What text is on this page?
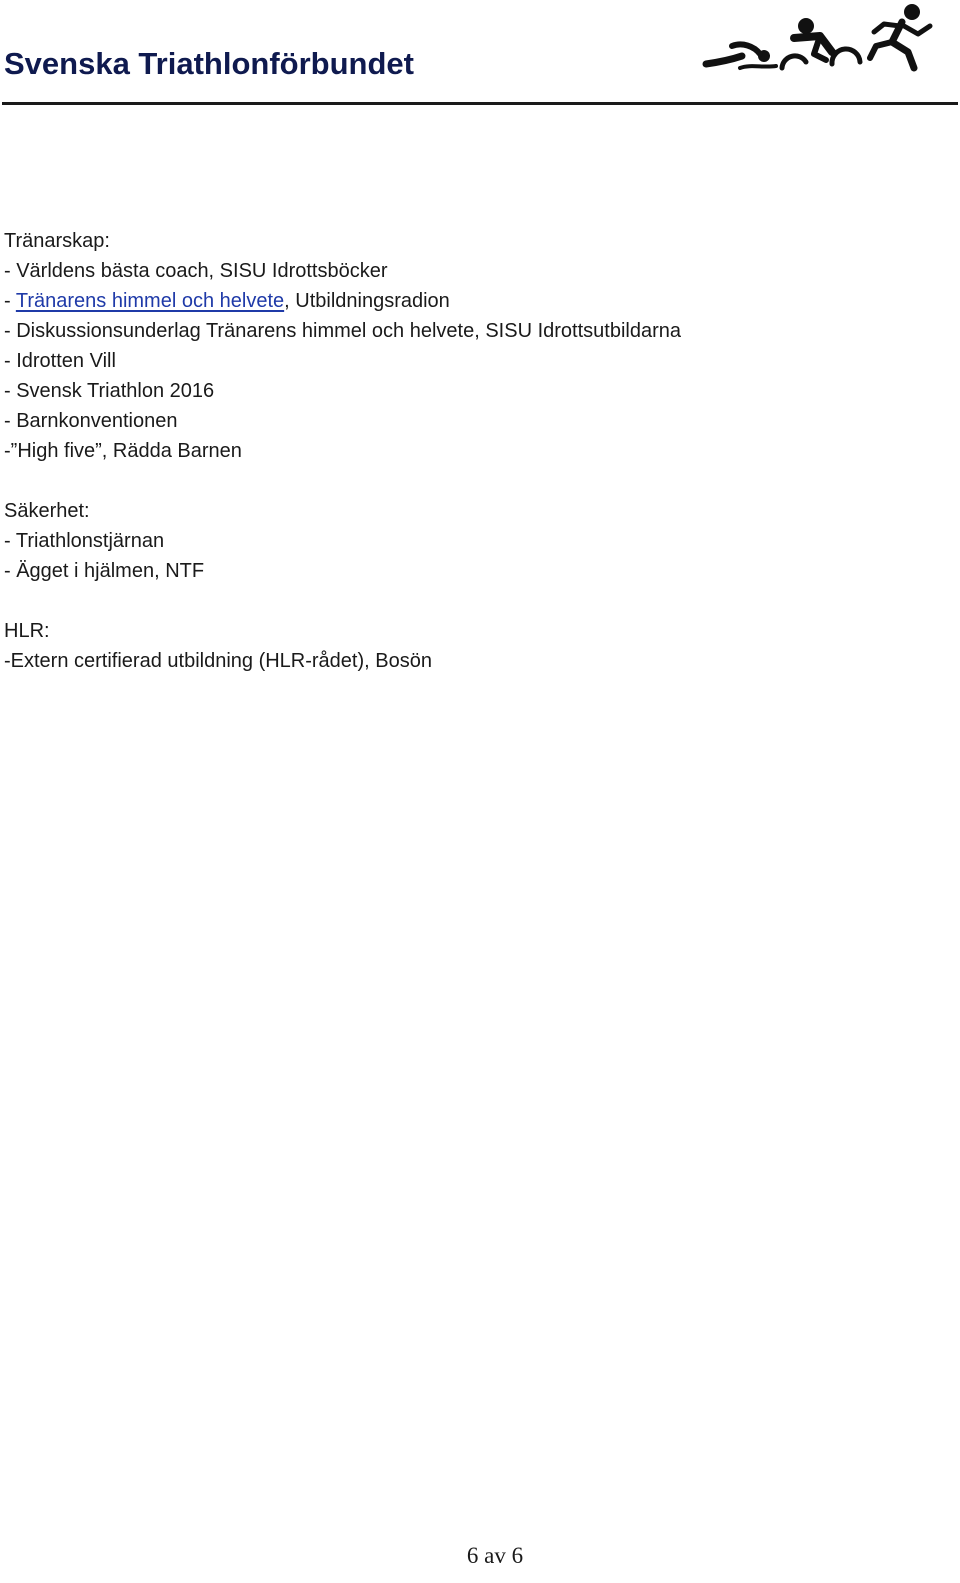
Svenska Triathlonförbundet

Tränarskap:

- Världens bästa coach, SISU Idrottsböcker

- Tränarens himmel och helvete, Utbildningsradion

- Diskussionsunderlag Tränarens himmel och helvete, SISU Idrottsutbildarna

- Idrotten Vill

- Svensk Triathlon 2016

- Barnkonventionen

-”High five”, Rädda Barnen

Säkerhet:

- Triathlonstjärnan

- Ägget i hjälmen, NTF

HLR:

-Extern certifierad utbildning (HLR-rådet), Bosön

6 av 6
